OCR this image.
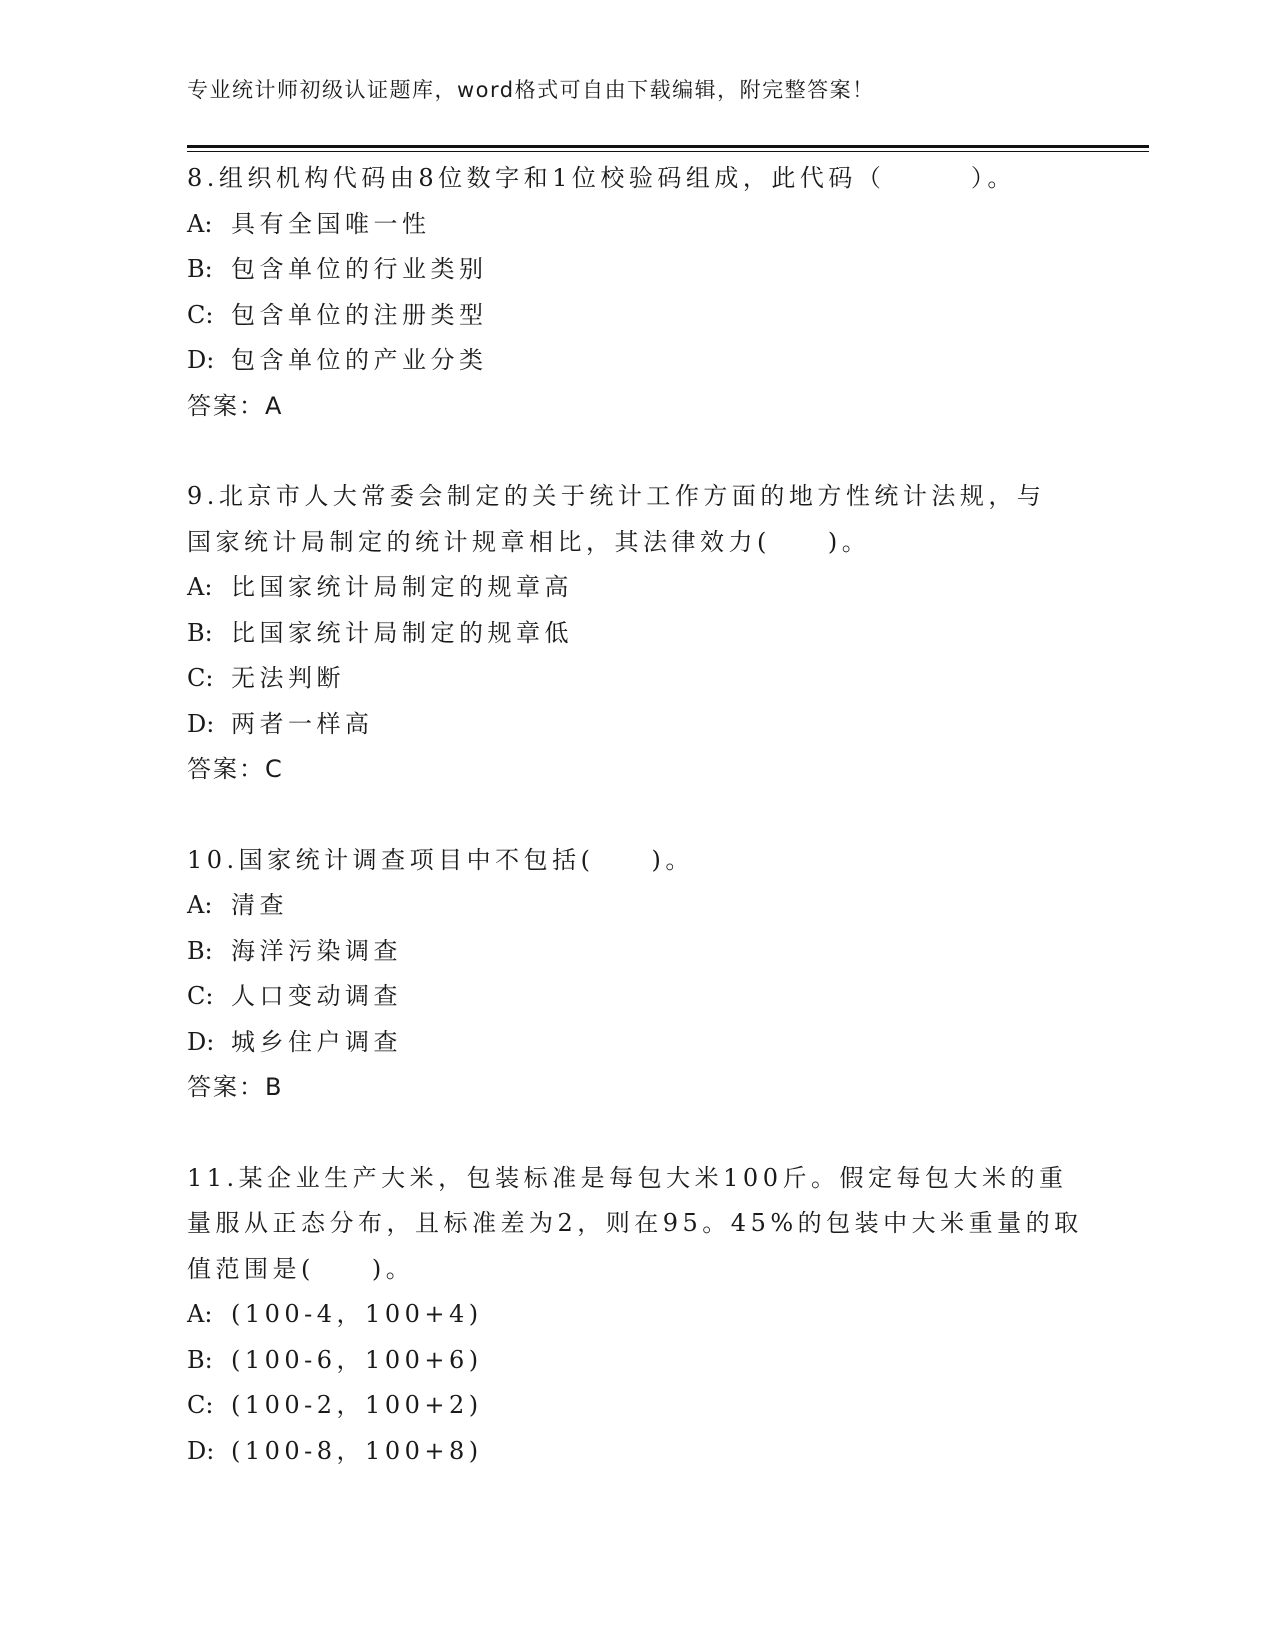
专业统计师初级认证题库，word格式可自由下载编辑，附完整答案！

8.组织机构代码由8位数字和1位校验码组成，此代码（　　　）。

A: 具有全国唯一性

B: 包含单位的行业类别

C: 包含单位的注册类型

D: 包含单位的产业分类

答案：A

9.北京市人大常委会制定的关于统计工作方面的地方性统计法规，与

国家统计局制定的统计规章相比，其法律效力(　　)。

A: 比国家统计局制定的规章高

B: 比国家统计局制定的规章低

C: 无法判断

D: 两者一样高

答案：C

10.国家统计调查项目中不包括(　　)。

A: 清查

B: 海洋污染调查

C: 人口变动调查

D: 城乡住户调查

答案：B

11.某企业生产大米，包装标准是每包大米100斤。假定每包大米的重

量服从正态分布，且标准差为2，则在95。45%的包装中大米重量的取

值范围是(　　)。

A: (100-4，100+4)

B: (100-6，100+6)

C: (100-2，100+2)

D: (100-8，100+8)
